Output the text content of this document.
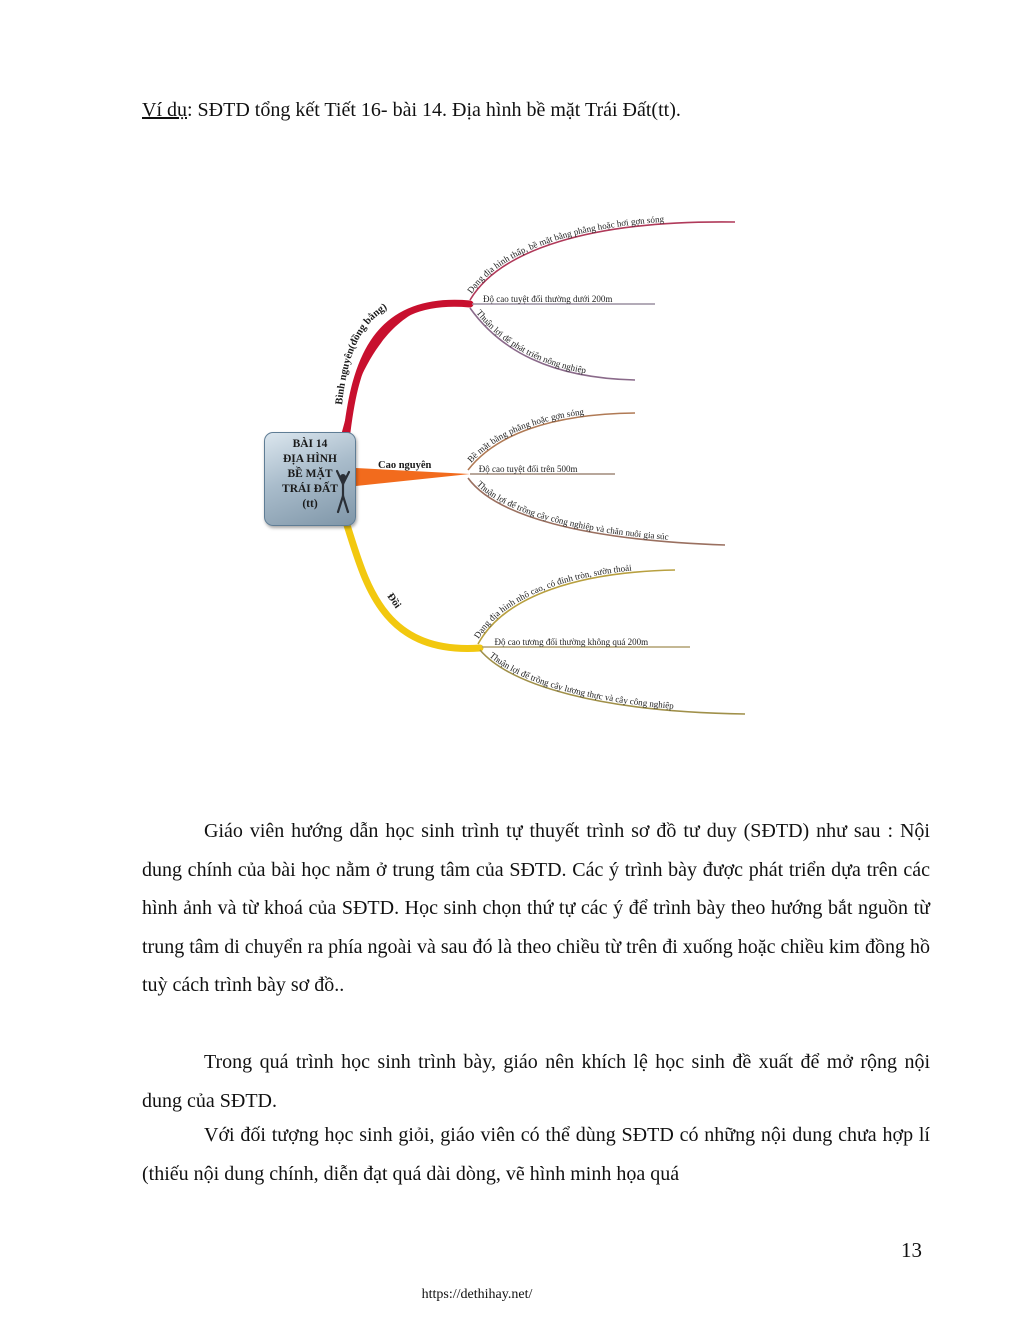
Ví dụ: SĐTD tổng kết Tiết 16- bài 14. Địa hình bề mặt Trái Đất(tt).
Bình nguyên(đồng bằng)
Cao nguyên
Đồi
Dạng địa hình thấp, bề mặt bằng phẳng hoặc hơi gợn sóng
Độ cao tuyệt đối thường dưới 200m
Thuận lợi để phát triển nông nghiệp
Bề mặt bằng phẳng hoặc gợn sóng
Độ cao tuyệt đối trên 500m
Thuận lợi để trồng cây công nghiệp và chăn nuôi gia súc
Dạng địa hình nhô cao, có đỉnh tròn, sườn thoải
Độ cao tương đối thường không quá 200m
Thuận lợi để trồng cây lương thực và cây công nghiệp
BÀI 14
ĐỊA HÌNH
BỀ MẶT
TRÁI ĐẤT
(tt)

Giáo viên hướng dẫn học sinh trình tự thuyết trình sơ đồ tư duy (SĐTD) như sau : Nội dung chính của bài học nằm ở trung tâm của SĐTD. Các ý trình bày được phát triển dựa trên các hình ảnh và từ khoá của SĐTD. Học sinh chọn thứ tự các ý để trình bày theo hướng bắt nguồn từ trung tâm di chuyển ra phía ngoài và sau đó là theo chiều từ trên đi xuống hoặc chiều kim đồng hồ tuỳ cách trình bày sơ đồ..

Trong quá trình học sinh trình bày, giáo nên khích lệ học sinh đề xuất để mở rộng nội dung của SĐTD.

Với đối tượng học sinh giỏi, giáo viên có thể dùng SĐTD có những nội dung chưa hợp lí (thiếu nội dung chính, diễn đạt quá dài dòng, vẽ hình minh họa quá

13
https://dethihay.net/
